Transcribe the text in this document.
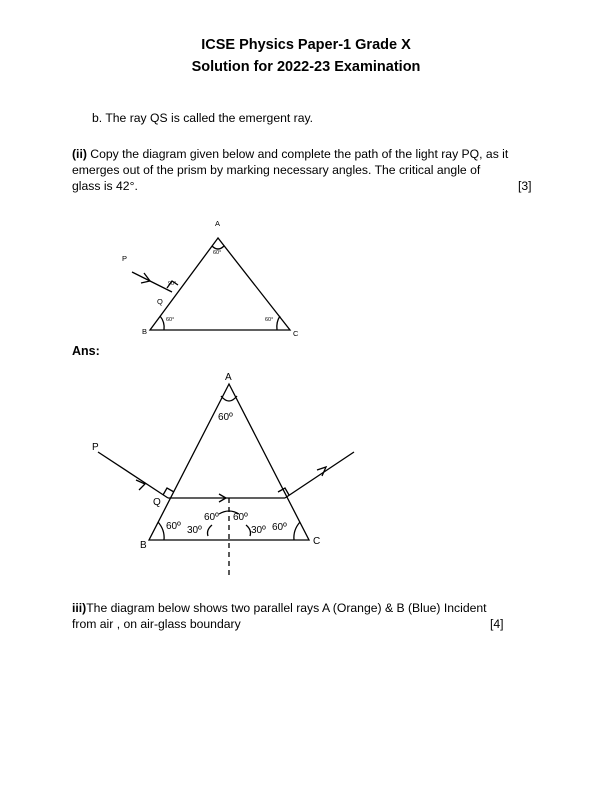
ICSE Physics Paper-1 Grade X
Solution for 2022-23 Examination
b. The ray QS is called the emergent ray.
(ii) Copy the diagram given below and complete the path of the light ray PQ, as it
emerges out of the prism by marking necessary angles. The critical angle of
glass is 42°.	[3]
A
B	C
P
Q
60°
60°	60°
90°
Ans:
A
B	C
P
Q
60º
60º 30º
60º 60º
30º 60º
iii)The diagram below shows two parallel rays A (Orange) & B (Blue) Incident
from air , on air-glass boundary	[4]
